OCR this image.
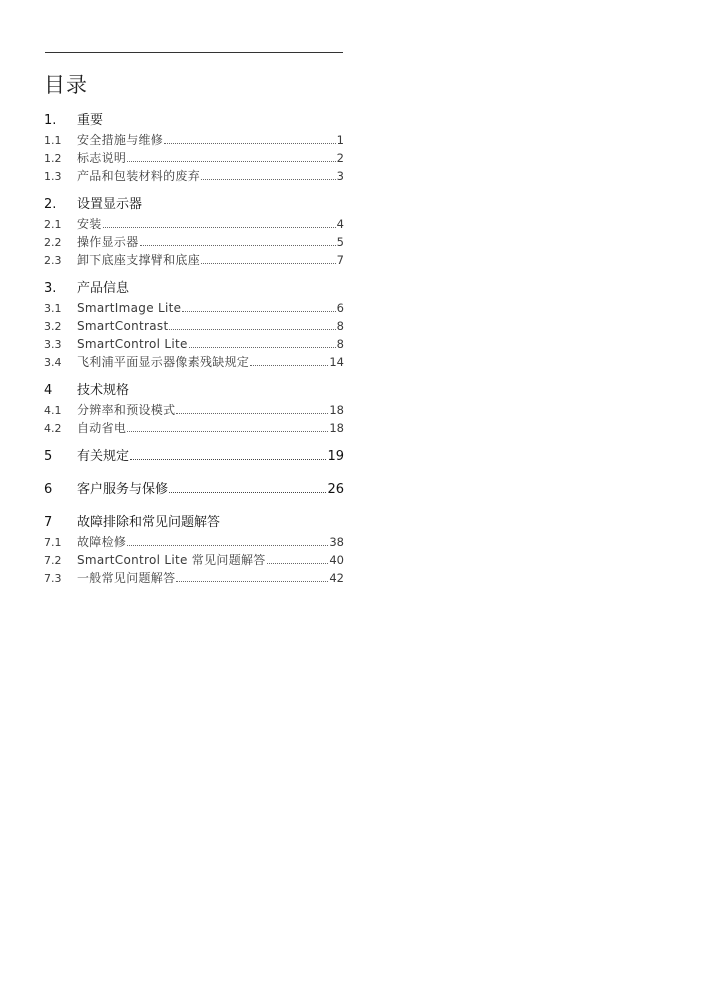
目录
1.	重要
1.1	安全措施与维修	1
1.2	标志说明	2
1.3	产品和包装材料的废弃	3
2.	设置显示器
2.1	安装	4
2.2	操作显示器	5
2.3	卸下底座支撑臂和底座	7
3.	产品信息
3.1	SmartImage Lite	6
3.2	SmartContrast	8
3.3	SmartControl Lite	8
3.4	飞利浦平面显示器像素残缺规定	14
4	技术规格
4.1	分辨率和预设模式	18
4.2	自动省电	18
5	有关规定	19
6	客户服务与保修	26
7	故障排除和常见问题解答
7.1	故障检修	38
7.2	SmartControl Lite 常见问题解答	40
7.3	一般常见问题解答	42
